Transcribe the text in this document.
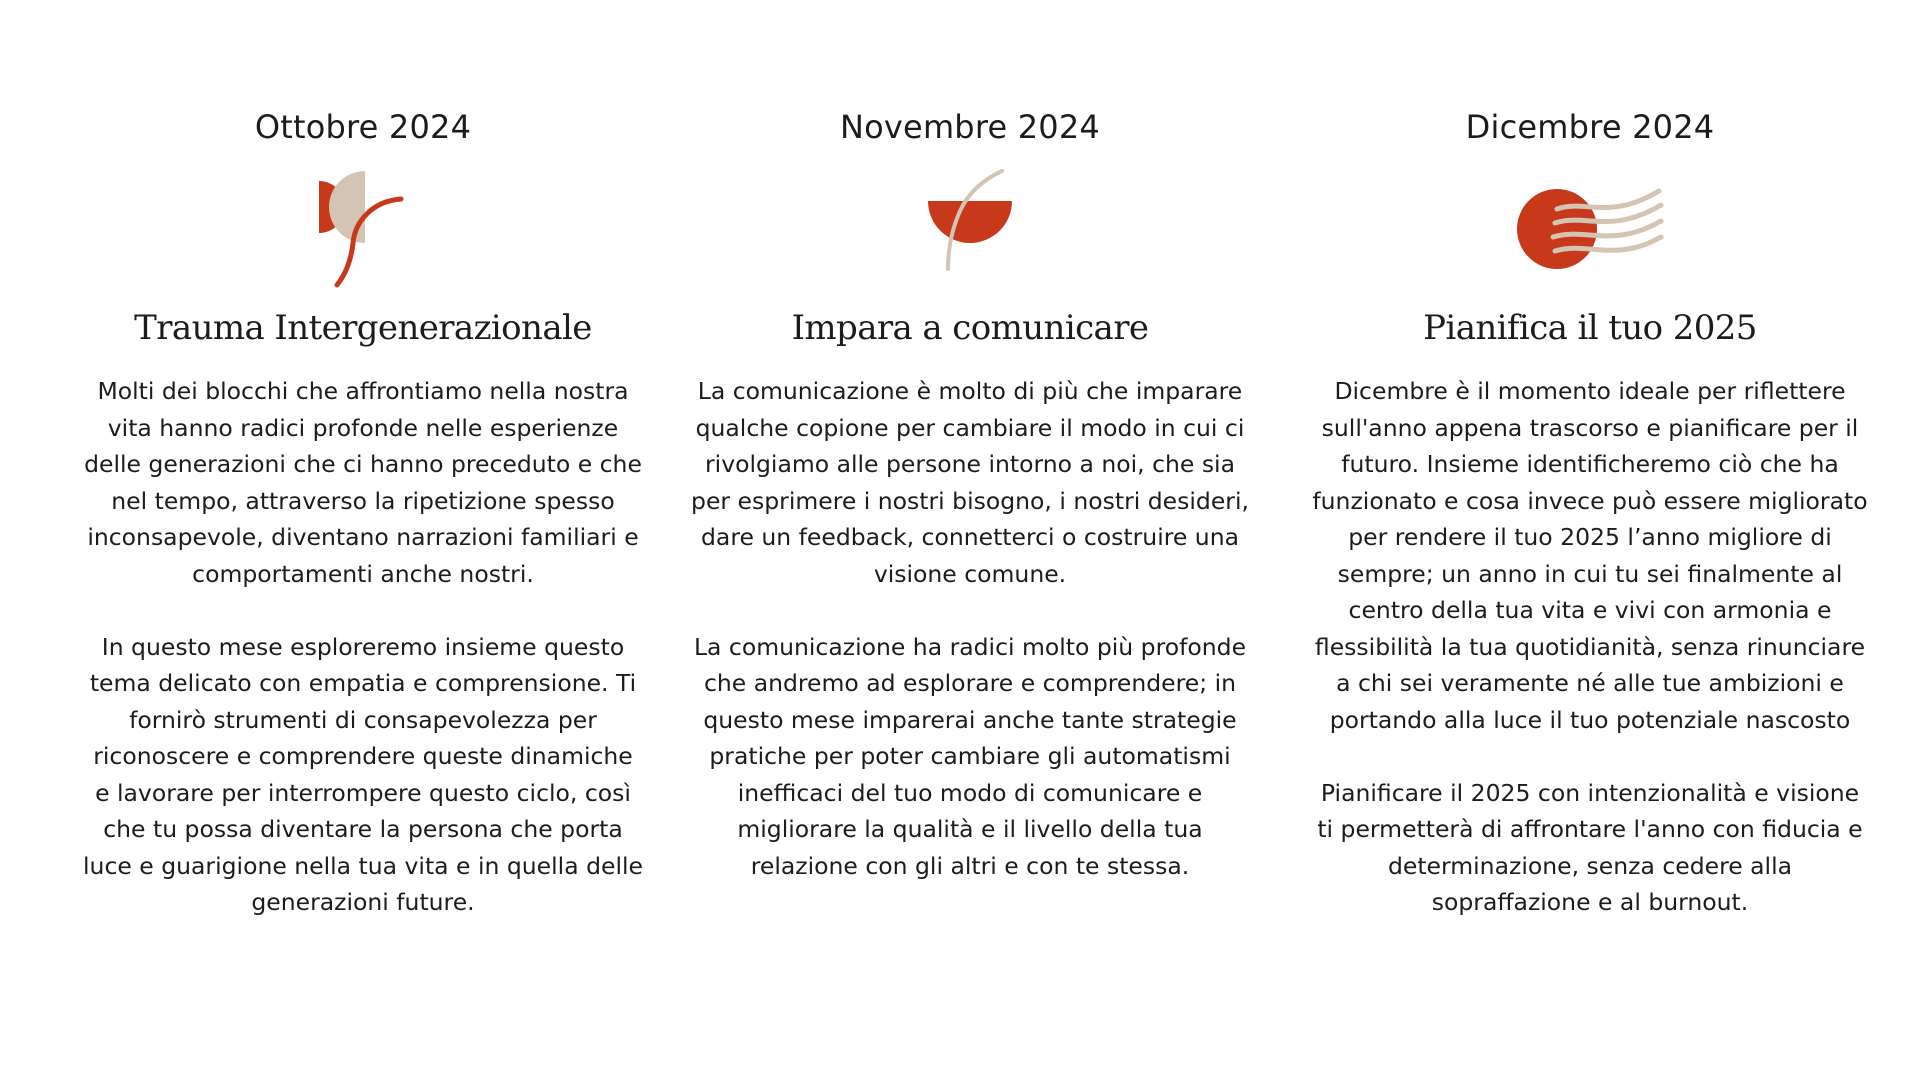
Ottobre 2024
Trauma Intergenerazionale

Molti dei blocchi che affrontiamo nella nostra vita hanno radici profonde nelle esperienze delle generazioni che ci hanno preceduto e che nel tempo, attraverso la ripetizione spesso inconsapevole, diventano narrazioni familiari e comportamenti anche nostri.

In questo mese esploreremo insieme questo tema delicato con empatia e comprensione. Ti fornirò strumenti di consapevolezza per riconoscere e comprendere queste dinamiche e lavorare per interrompere questo ciclo, così che tu possa diventare la persona che porta luce e guarigione nella tua vita e in quella delle generazioni future.

Novembre 2024
Impara a comunicare

La comunicazione è molto di più che imparare qualche copione per cambiare il modo in cui ci rivolgiamo alle persone intorno a noi, che sia per esprimere i nostri bisogno, i nostri desideri, dare un feedback, connetterci o costruire una visione comune.

La comunicazione ha radici molto più profonde che andremo ad esplorare e comprendere; in questo mese imparerai anche tante strategie pratiche per poter cambiare gli automatismi inefficaci del tuo modo di comunicare e migliorare la qualità e il livello della tua relazione con gli altri e con te stessa.

Dicembre 2024
Pianifica il tuo 2025

Dicembre è il momento ideale per riflettere sull'anno appena trascorso e pianificare per il futuro. Insieme identificheremo ciò che ha funzionato e cosa invece può essere migliorato per rendere il tuo 2025 l’anno migliore di sempre; un anno in cui tu sei finalmente al centro della tua vita e vivi con armonia e flessibilità la tua quotidianità, senza rinunciare a chi sei veramente né alle tue ambizioni e portando alla luce il tuo potenziale nascosto

Pianificare il 2025 con intenzionalità e visione ti permetterà di affrontare l'anno con fiducia e determinazione, senza cedere alla sopraffazione e al burnout.
